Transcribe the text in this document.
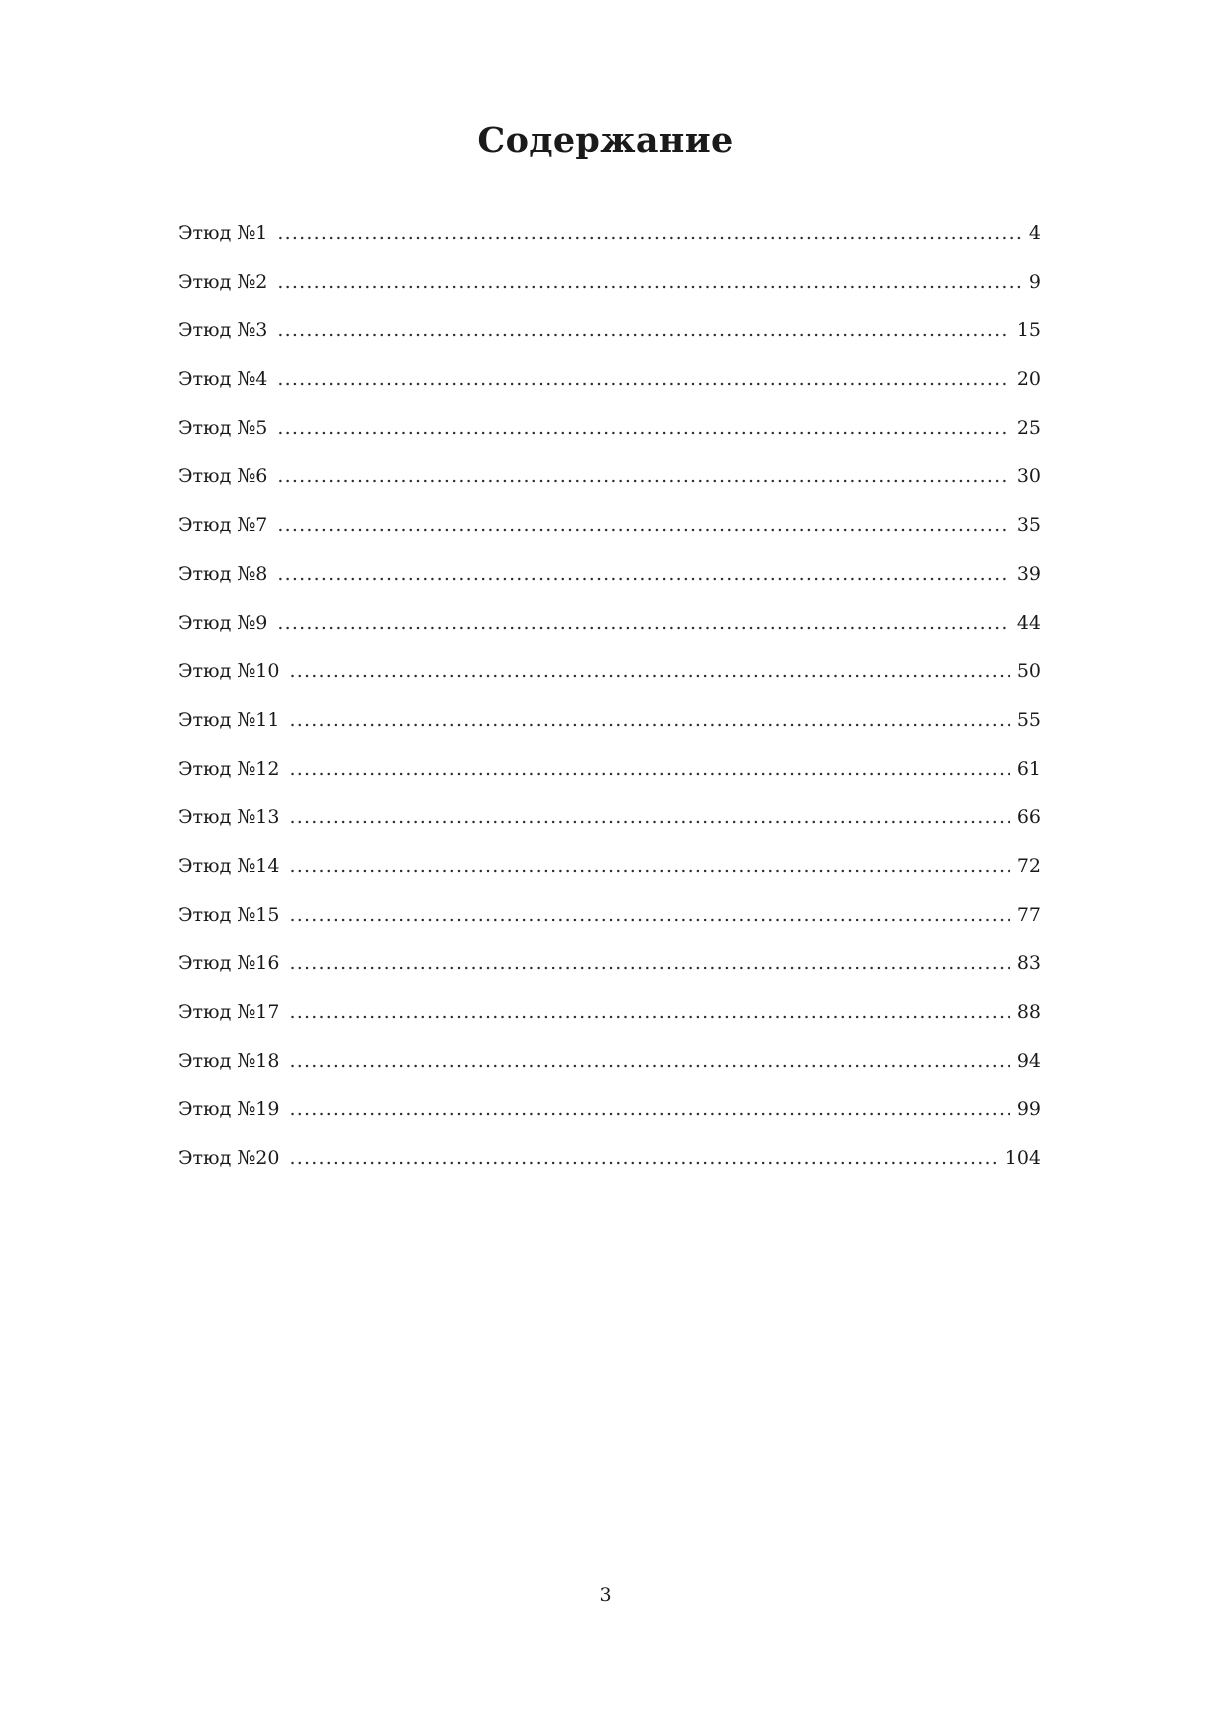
Содержание
Этюд №1 .....	4
Этюд №2 .....	9
Этюд №3 .....	15
Этюд №4 .....	20
Этюд №5 .....	25
Этюд №6 .....	30
Этюд №7 .....	35
Этюд №8 .....	39
Этюд №9 .....	44
Этюд №10 .....	50
Этюд №11 .....	55
Этюд №12 .....	61
Этюд №13 .....	66
Этюд №14 .....	72
Этюд №15 .....	77
Этюд №16 .....	83
Этюд №17 .....	88
Этюд №18 .....	94
Этюд №19 .....	99
Этюд №20 .....	104
3
